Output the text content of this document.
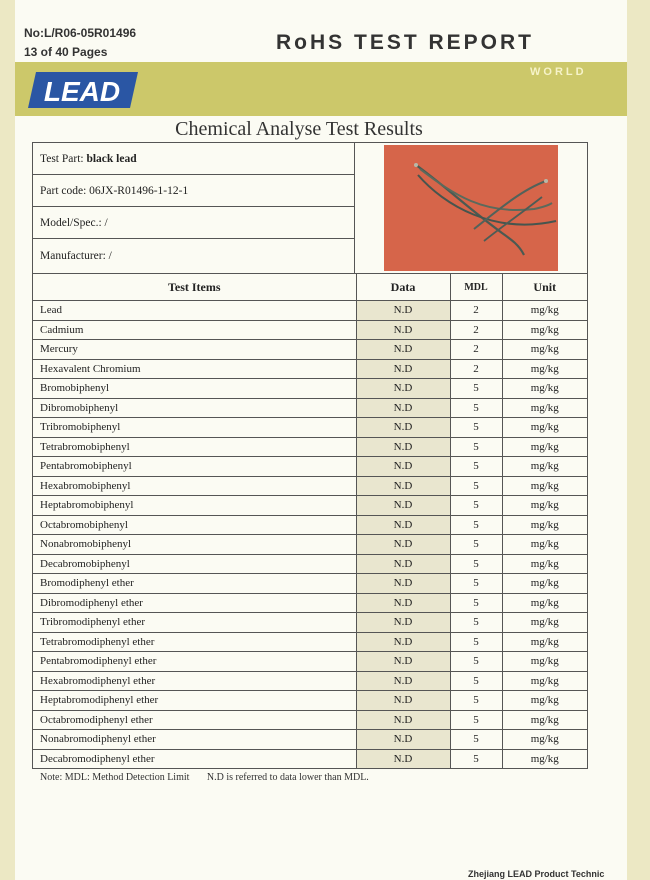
No:L/R06-05R01496
13 of 40 Pages	RoHS TEST REPORT
WORLD
LEAD
Chemical Analyse Test Results
Test Part:
black lead
Part code: 06JX-R01496-1-12-1
Model/Spec.: /
Manufacturer: /
Test Items	Data	MDL	Unit
Lead	N.D	2	mg/kg
Cadmium	N.D	2	mg/kg
Mercury	N.D	2	mg/kg
Hexavalent Chromium	N.D	2	mg/kg
Bromobiphenyl	N.D	5	mg/kg
Dibromobiphenyl	N.D	5	mg/kg
Tribromobiphenyl	N.D	5	mg/kg
Tetrabromobiphenyl	N.D	5	mg/kg
Pentabromobiphenyl	N.D	5	mg/kg
Hexabromobiphenyl	N.D	5	mg/kg
Heptabromobiphenyl	N.D	5	mg/kg
Octabromobiphenyl	N.D	5	mg/kg
Nonabromobiphenyl	N.D	5	mg/kg
Decabromobiphenyl	N.D	5	mg/kg
Bromodiphenyl ether	N.D	5	mg/kg
Dibromodiphenyl ether	N.D	5	mg/kg
Tribromodiphenyl ether	N.D	5	mg/kg
Tetrabromodiphenyl ether	N.D	5	mg/kg
Pentabromodiphenyl ether	N.D	5	mg/kg
Hexabromodiphenyl ether	N.D	5	mg/kg
Heptabromodiphenyl ether	N.D	5	mg/kg
Octabromodiphenyl ether	N.D	5	mg/kg
Nonabromodiphenyl ether	N.D	5	mg/kg
Decabromodiphenyl ether	N.D	5	mg/kg
Note: MDL: Method Detection Limit       N.D is referred to data lower than MDL.
Zhejiang LEAD Product Technic
